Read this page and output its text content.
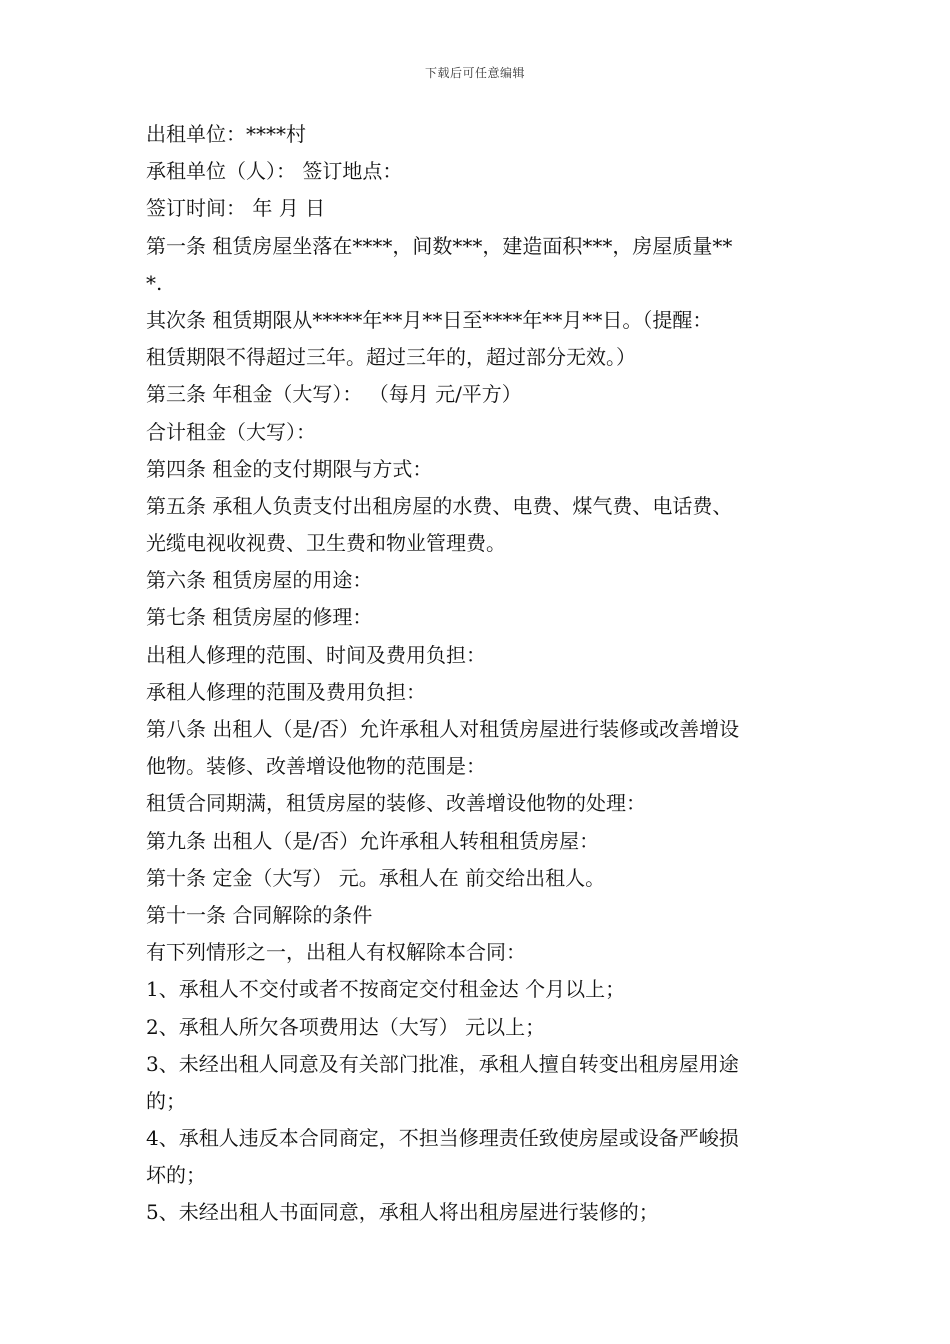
下载后可任意编辑
出租单位：****村
承租单位（人）： 签订地点：
签订时间： 年 月 日
第一条 租赁房屋坐落在****，间数***，建造面积***，房屋质量**
*.
其次条 租赁期限从*****年**月**日至****年**月**日。（提醒：
租赁期限不得超过三年。超过三年的，超过部分无效。）
第三条 年租金（大写）： （每月 元/平方）
合计租金（大写）：
第四条 租金的支付期限与方式：
第五条 承租人负责支付出租房屋的水费、电费、煤气费、电话费、
光缆电视收视费、卫生费和物业管理费。
第六条 租赁房屋的用途：
第七条 租赁房屋的修理：
出租人修理的范围、时间及费用负担：
承租人修理的范围及费用负担：
第八条 出租人（是/否）允许承租人对租赁房屋进行装修或改善增设
他物。装修、改善增设他物的范围是：
租赁合同期满，租赁房屋的装修、改善增设他物的处理：
第九条 出租人（是/否）允许承租人转租租赁房屋：
第十条 定金（大写） 元。承租人在 前交给出租人。
第十一条 合同解除的条件
有下列情形之一，出租人有权解除本合同：
1、承租人不交付或者不按商定交付租金达 个月以上；
2、承租人所欠各项费用达（大写） 元以上；
3、未经出租人同意及有关部门批准，承租人擅自转变出租房屋用途
的；
4、承租人违反本合同商定，不担当修理责任致使房屋或设备严峻损
坏的；
5、未经出租人书面同意，承租人将出租房屋进行装修的；
